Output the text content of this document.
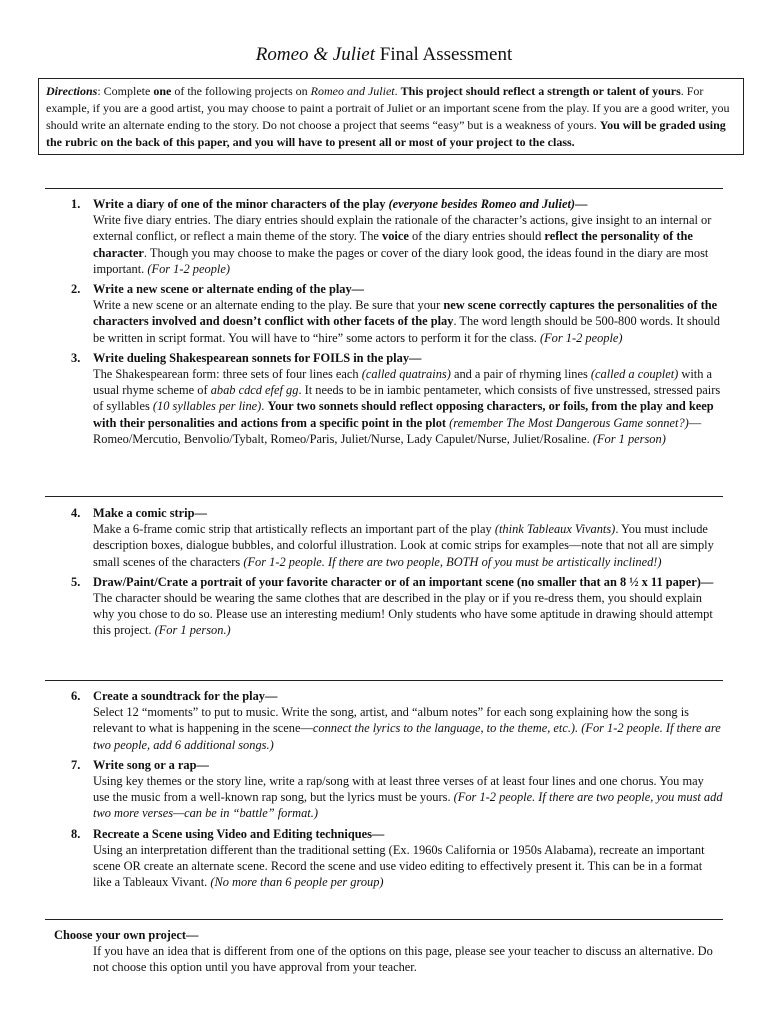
Romeo & Juliet Final Assessment
Directions: Complete one of the following projects on Romeo and Juliet. This project should reflect a strength or talent of yours. For example, if you are a good artist, you may choose to paint a portrait of Juliet or an important scene from the play. If you are a good writer, you should write an alternate ending to the story. Do not choose a project that seems “easy” but is a weakness of yours. You will be graded using the rubric on the back of this paper, and you will have to present all or most of your project to the class.
1. Write a diary of one of the minor characters of the play (everyone besides Romeo and Juliet)—
Write five diary entries. The diary entries should explain the rationale of the character’s actions, give insight to an internal or external conflict, or reflect a main theme of the story. The voice of the diary entries should reflect the personality of the character. Though you may choose to make the pages or cover of the diary look good, the ideas found in the diary are most important. (For 1-2 people)
2. Write a new scene or alternate ending of the play—
Write a new scene or an alternate ending to the play. Be sure that your new scene correctly captures the personalities of the characters involved and doesn’t conflict with other facets of the play. The word length should be 500-800 words. It should be written in script format. You will have to “hire” some actors to perform it for the class. (For 1-2 people)
3. Write dueling Shakespearean sonnets for FOILS in the play—
The Shakespearean form: three sets of four lines each (called quatrains) and a pair of rhyming lines (called a couplet) with a usual rhyme scheme of abab cdcd efef gg. It needs to be in iambic pentameter, which consists of five unstressed, stressed pairs of syllables (10 syllables per line). Your two sonnets should reflect opposing characters, or foils, from the play and keep with their personalities and actions from a specific point in the plot (remember The Most Dangerous Game sonnet?)—Romeo/Mercutio, Benvolio/Tybalt, Romeo/Paris, Juliet/Nurse, Lady Capulet/Nurse, Juliet/Rosaline. (For 1 person)
4. Make a comic strip—
Make a 6-frame comic strip that artistically reflects an important part of the play (think Tableaux Vivants). You must include description boxes, dialogue bubbles, and colorful illustration. Look at comic strips for examples—note that not all are simply small scenes of the characters (For 1-2 people. If there are two people, BOTH of you must be artistically inclined!)
5. Draw/Paint/Crate a portrait of your favorite character or of an important scene (no smaller that an 8 ½ x 11 paper)—The character should be wearing the same clothes that are described in the play or if you re-dress them, you should explain why you chose to do so. Please use an interesting medium! Only students who have some aptitude in drawing should attempt this project. (For 1 person.)
6. Create a soundtrack for the play—
Select 12 “moments” to put to music. Write the song, artist, and “album notes” for each song explaining how the song is relevant to what is happening in the scene—connect the lyrics to the language, to the theme, etc.). (For 1-2 people. If there are two people, add 6 additional songs.)
7. Write song or a rap—
Using key themes or the story line, write a rap/song with at least three verses of at least four lines and one chorus. You may use the music from a well-known rap song, but the lyrics must be yours. (For 1-2 people. If there are two people, you must add two more verses—can be in “battle” format.)
8. Recreate a Scene using Video and Editing techniques—
Using an interpretation different than the traditional setting (Ex. 1960s California or 1950s Alabama), recreate an important scene OR create an alternate scene. Record the scene and use video editing to effectively present it. This can be in a format like a Tableaux Vivant. (No more than 6 people per group)
Choose your own project—
If you have an idea that is different from one of the options on this page, please see your teacher to discuss an alternative. Do not choose this option until you have approval from your teacher.
